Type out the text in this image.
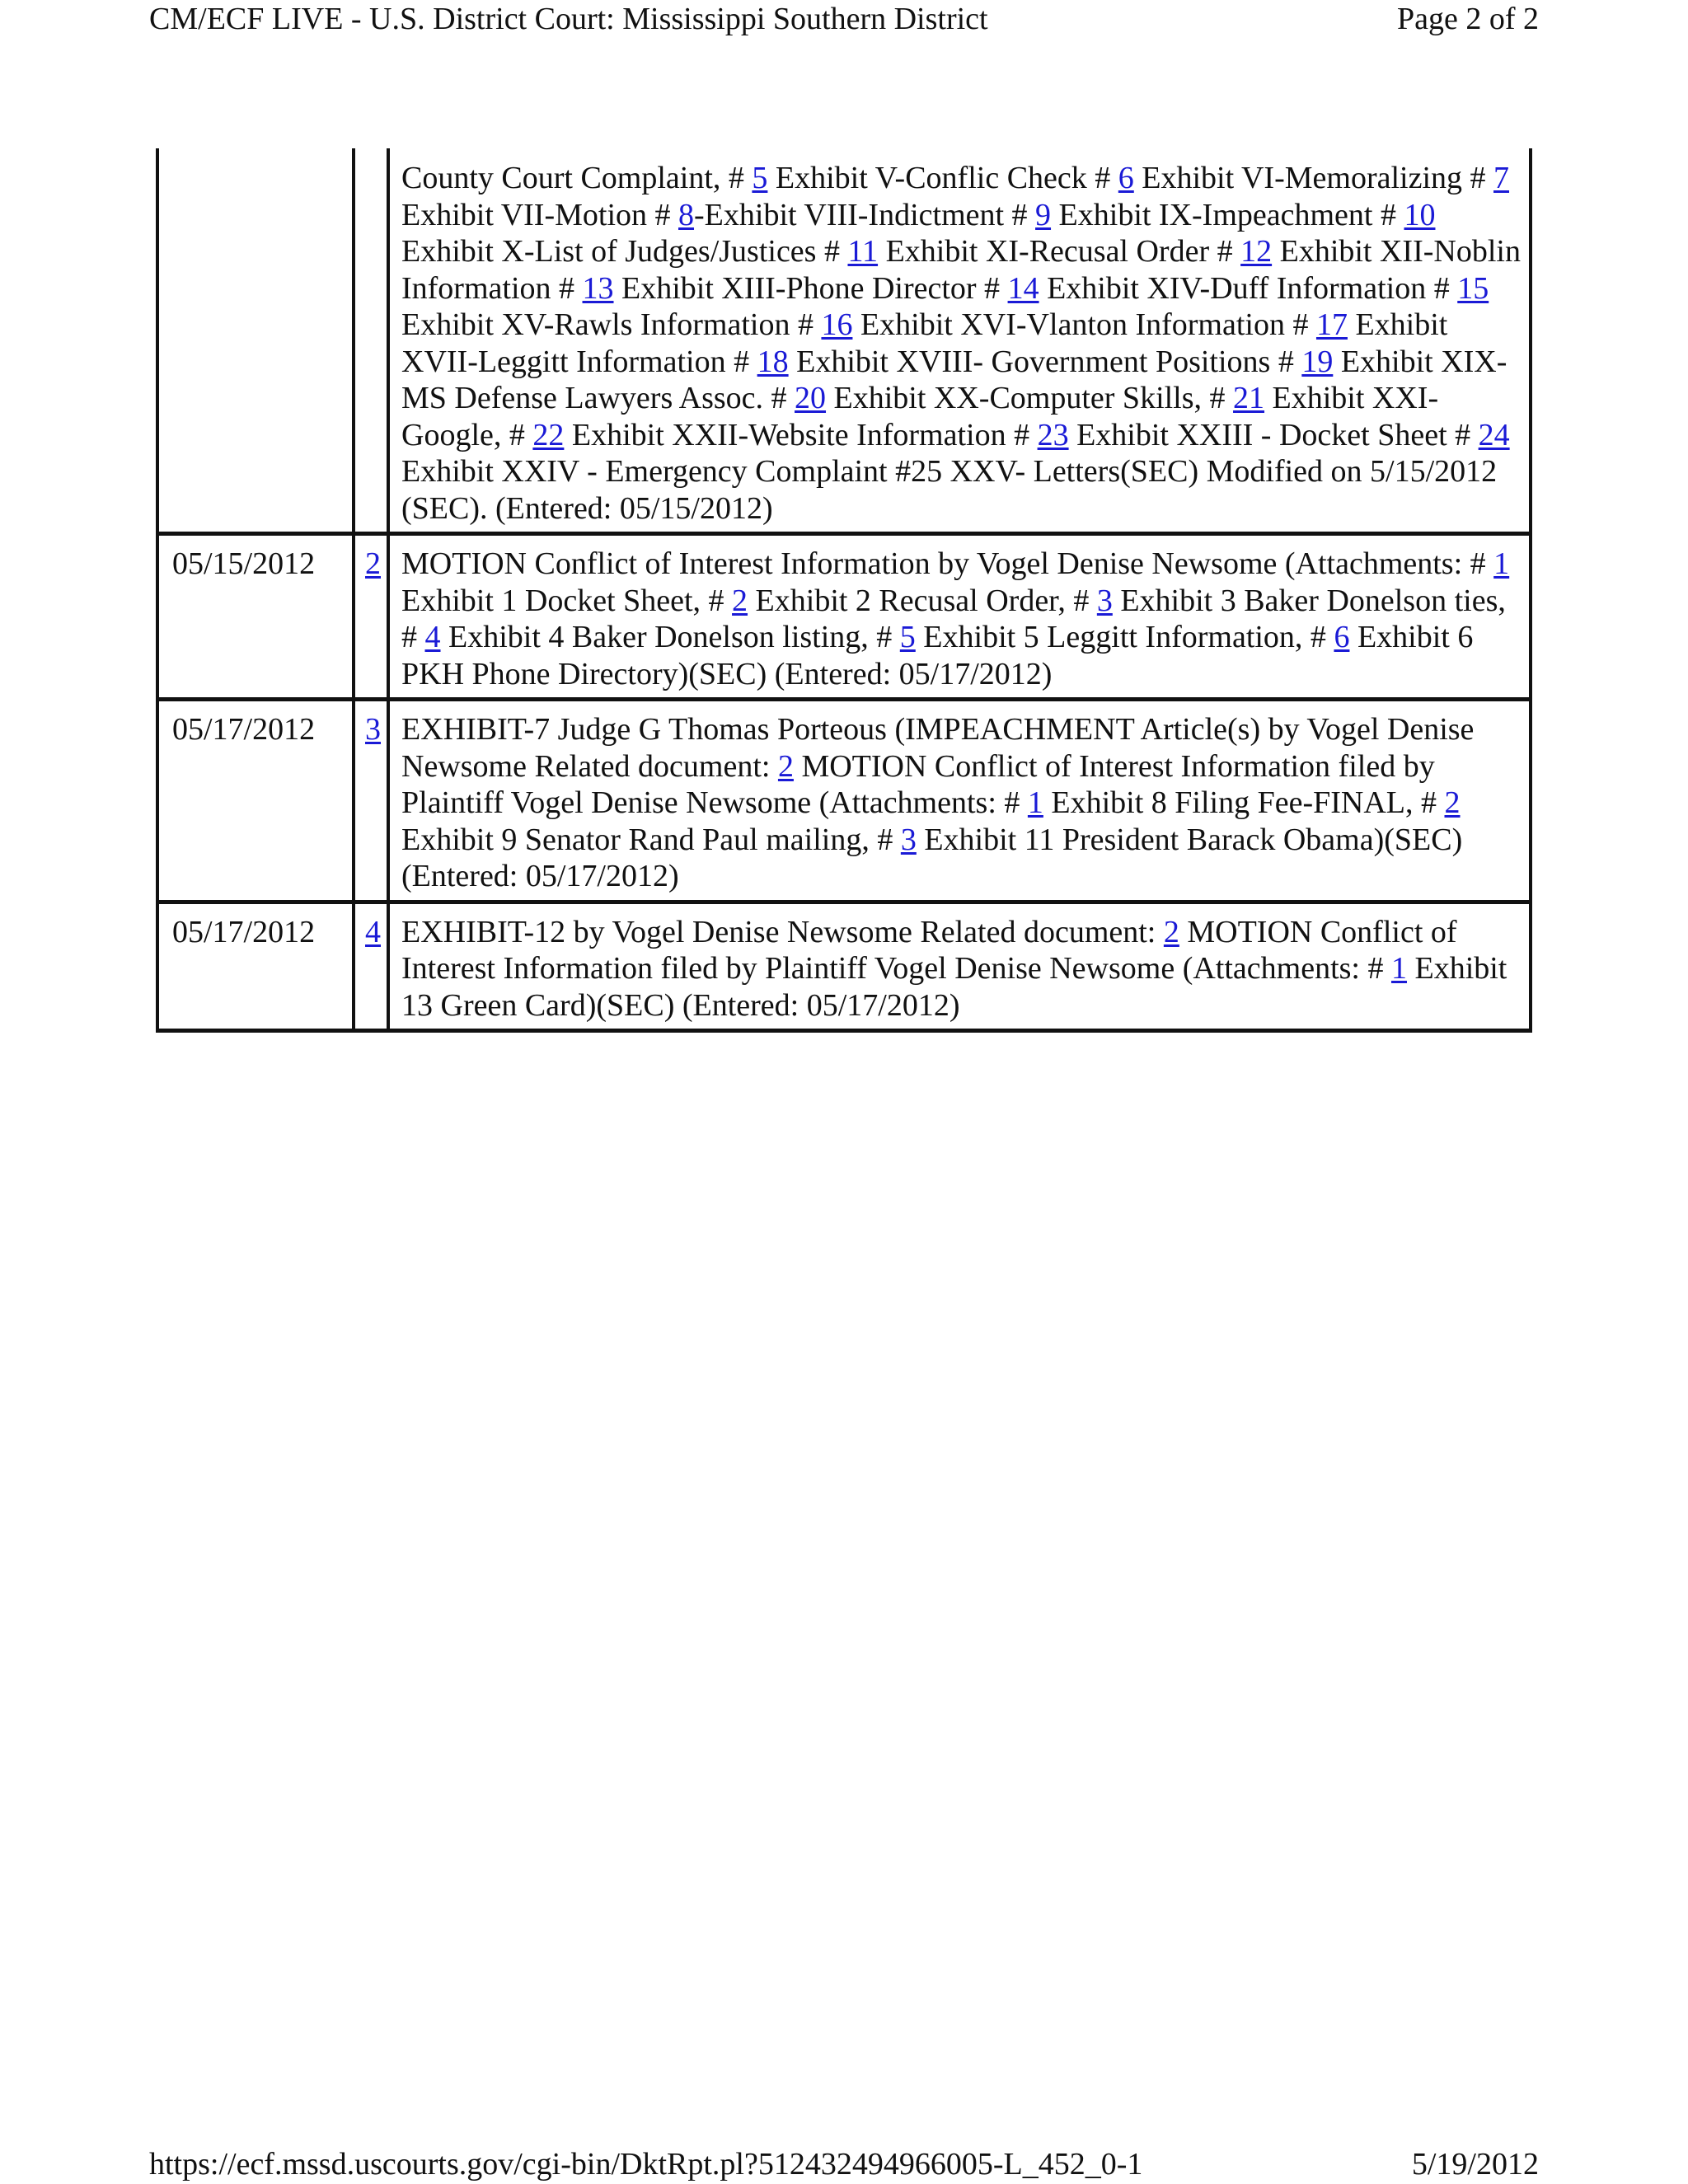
CM/ECF LIVE - U.S. District Court: Mississippi Southern District	Page 2 of 2
		County Court Complaint, # 5 Exhibit V-Conflic Check # 6 Exhibit VI-Memoralizing # 7 Exhibit VII-Motion # 8-Exhibit VIII-Indictment # 9 Exhibit IX-Impeachment # 10 Exhibit X-List of Judges/Justices # 11 Exhibit XI-Recusal Order # 12 Exhibit XII-Noblin Information # 13 Exhibit XIII-Phone Director # 14 Exhibit XIV-Duff Information # 15 Exhibit XV-Rawls Information # 16 Exhibit XVI-Vlanton Information # 17 Exhibit XVII-Leggitt Information # 18 Exhibit XVIII- Government Positions # 19 Exhibit XIX-MS Defense Lawyers Assoc. # 20 Exhibit XX-Computer Skills, # 21 Exhibit XXI- Google, # 22 Exhibit XXII-Website Information # 23 Exhibit XXIII - Docket Sheet # 24 Exhibit XXIV - Emergency Complaint #25 XXV- Letters(SEC) Modified on 5/15/2012 (SEC). (Entered: 05/15/2012)
05/15/2012	2	MOTION Conflict of Interest Information by Vogel Denise Newsome (Attachments: # 1 Exhibit 1 Docket Sheet, # 2 Exhibit 2 Recusal Order, # 3 Exhibit 3 Baker Donelson ties, # 4 Exhibit 4 Baker Donelson listing, # 5 Exhibit 5 Leggitt Information, # 6 Exhibit 6 PKH Phone Directory)(SEC) (Entered: 05/17/2012)
05/17/2012	3	EXHIBIT-7 Judge G Thomas Porteous (IMPEACHMENT Article(s) by Vogel Denise Newsome Related document: 2 MOTION Conflict of Interest Information filed by Plaintiff Vogel Denise Newsome (Attachments: # 1 Exhibit 8 Filing Fee-FINAL, # 2 Exhibit 9 Senator Rand Paul mailing, # 3 Exhibit 11 President Barack Obama)(SEC) (Entered: 05/17/2012)
05/17/2012	4	EXHIBIT-12 by Vogel Denise Newsome Related document: 2 MOTION Conflict of Interest Information filed by Plaintiff Vogel Denise Newsome (Attachments: # 1 Exhibit 13 Green Card)(SEC) (Entered: 05/17/2012)
https://ecf.mssd.uscourts.gov/cgi-bin/DktRpt.pl?512432494966005-L_452_0-1	5/19/2012
